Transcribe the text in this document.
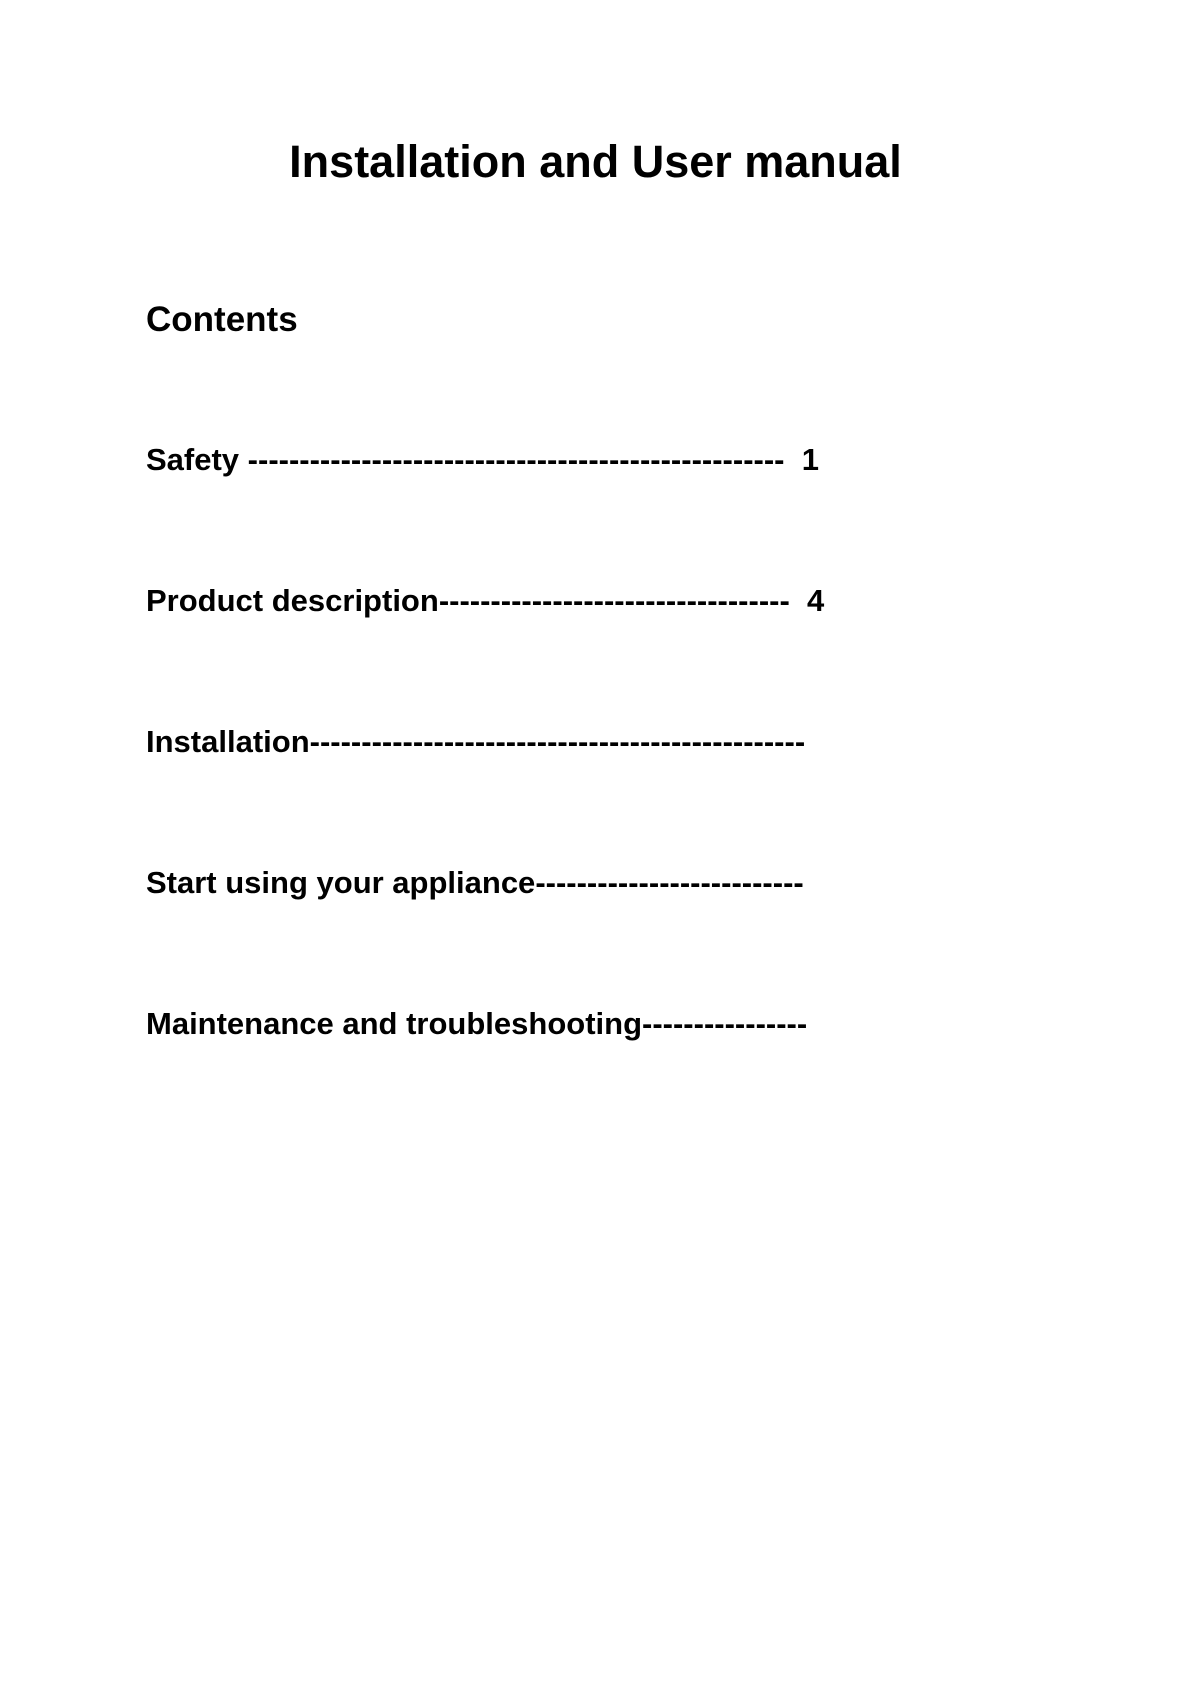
Installation and User manual
Contents
Safety ----------------------------------------------------  1
Product description----------------------------------  4
Installation------------------------------------------------
Start using your appliance--------------------------
Maintenance and troubleshooting----------------
